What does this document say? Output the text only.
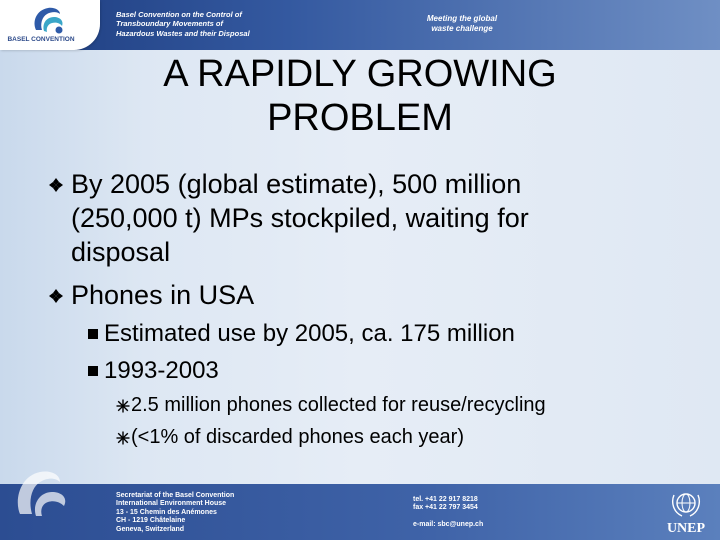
BASEL CONVENTION
Basel Convention on the Control of
Transboundary Movements of
Hazardous Wastes and their Disposal
Meeting the global
waste challenge
A RAPIDLY GROWING
PROBLEM
By 2005 (global estimate), 500 million
(250,000 t) MPs stockpiled, waiting for
disposal
Phones in USA
Estimated use by 2005, ca. 175 million
1993-2003
2.5 million phones collected for reuse/recycling
(<1% of discarded phones each year)
Secretariat of the Basel Convention
International Environment House
13 - 15 Chemin des Anémones
CH - 1219 Châtelaine
Geneva, Switzerland
tel. +41 22 917 8218
fax +41 22 797 3454
e-mail: sbc@unep.ch	UNEP
